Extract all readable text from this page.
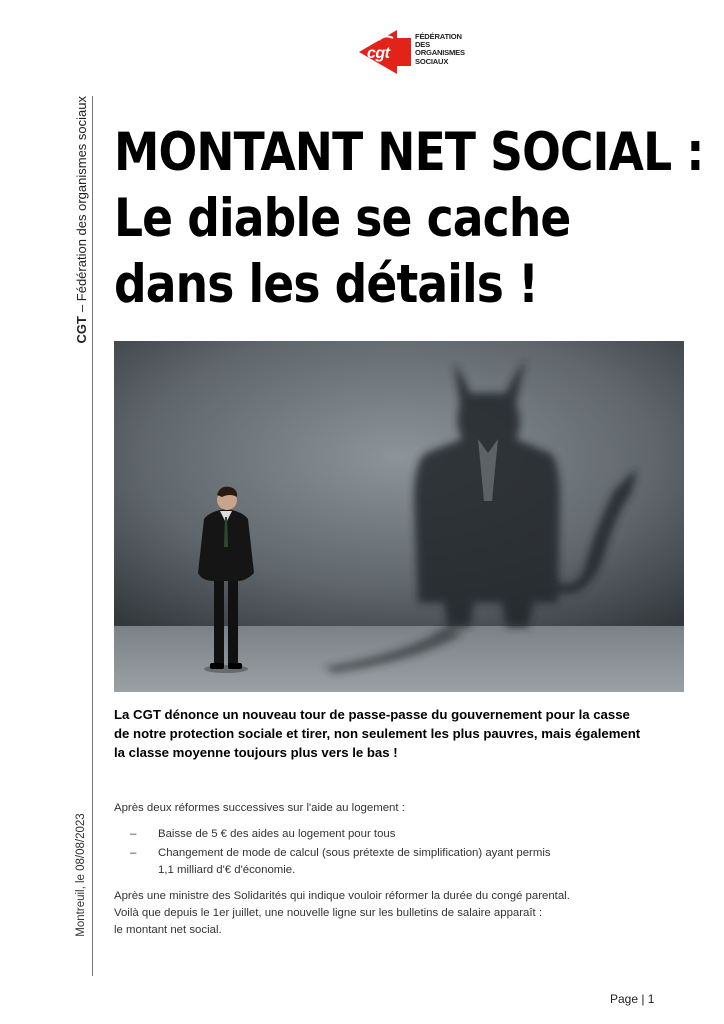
cgt
FÉDÉRATION
DES
ORGANISMES
SOCIAUX
CGT
– Fédération des organismes sociaux
Montreuil, le 08/08/2023
MONTANT NET SOCIAL :
Le diable se cache
dans les détails !
La CGT dénonce un nouveau tour de passe-passe du gouvernement pour la casse
de notre protection sociale et tirer, non seulement les plus pauvres, mais également
la classe moyenne toujours plus vers le bas !

Après deux réformes successives sur l'aide au logement :

– Baisse de 5 € des aides au logement pour tous
– Changement de mode de calcul (sous prétexte de simplification) ayant permis
1,1 milliard d'€ d'économie.
Après une ministre des Solidarités qui indique vouloir réformer la durée du congé parental.
Voilà que depuis le 1er juillet, une nouvelle ligne sur les bulletins de salaire apparaît :
le montant net social.
Page | 1
